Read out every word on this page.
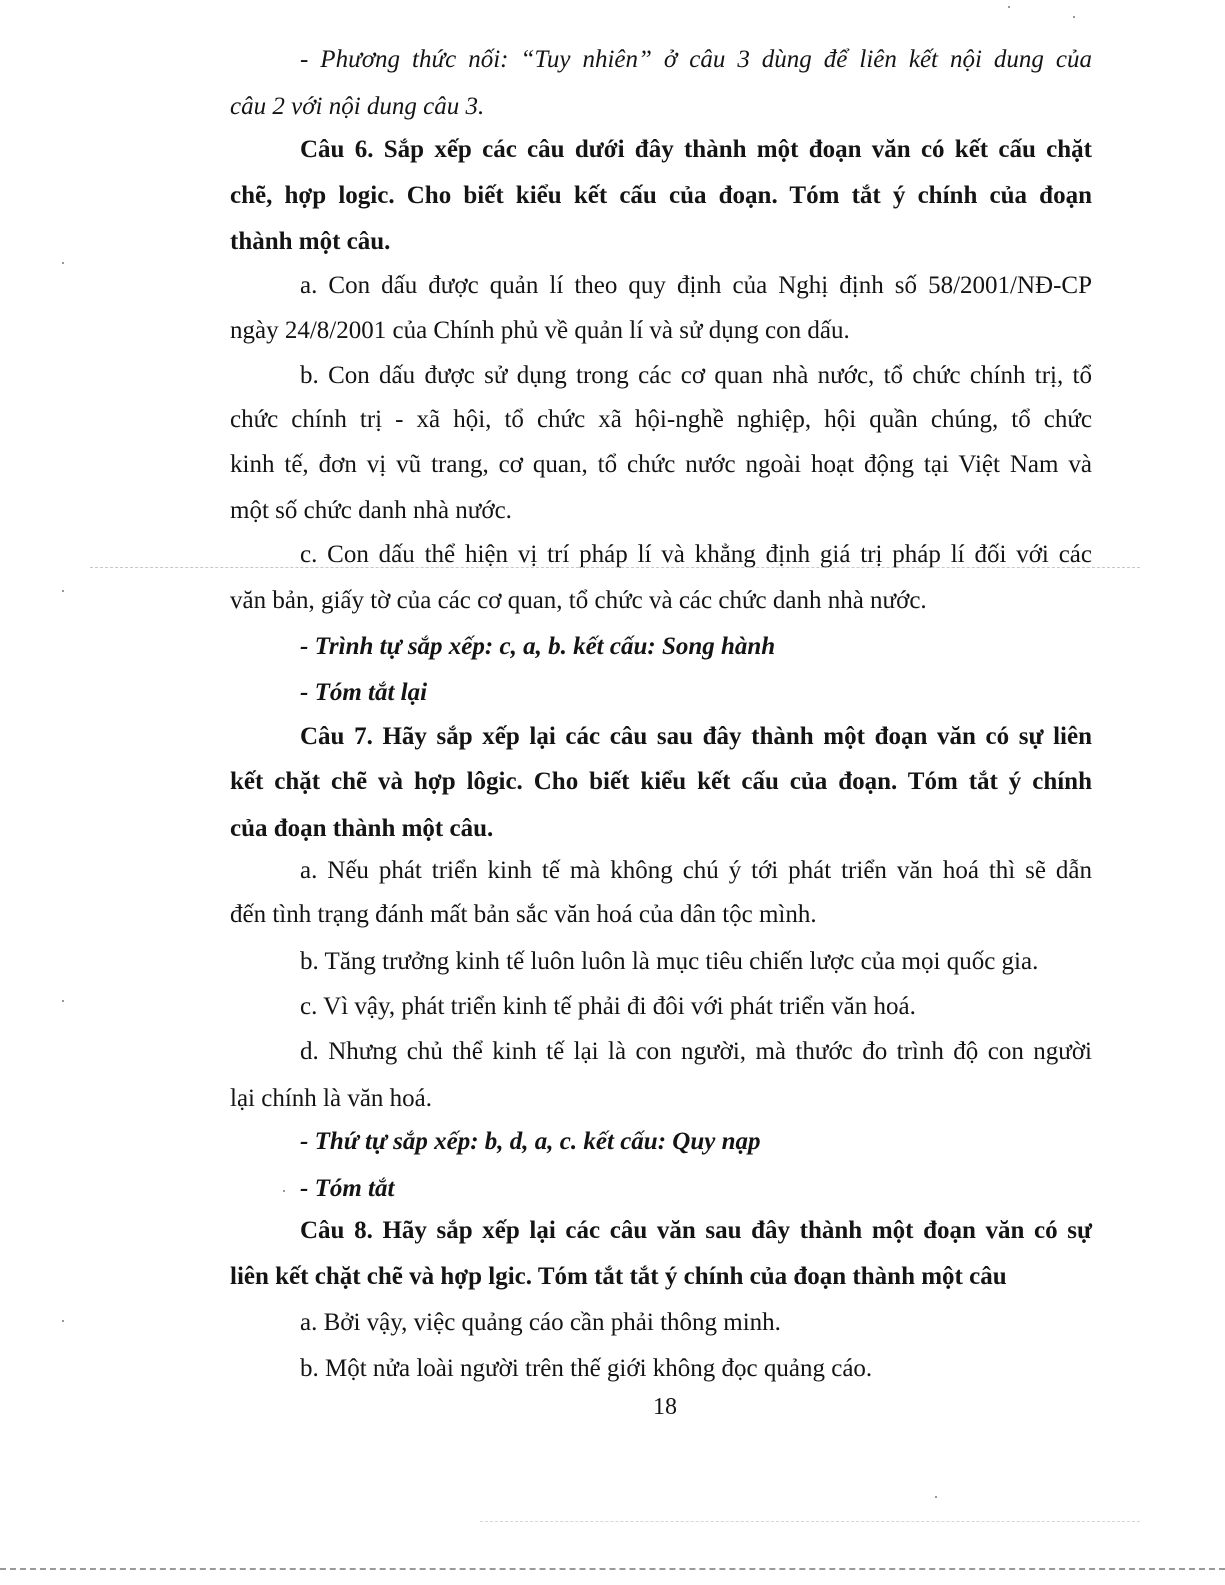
- Phương thức nối: “Tuy nhiên” ở câu 3 dùng để liên kết nội dung của
câu 2 với nội dung câu 3.
Câu 6. Sắp xếp các câu dưới đây thành một đoạn văn có kết cấu chặt
chẽ, hợp logic. Cho biết kiểu kết cấu của đoạn. Tóm tắt ý chính của đoạn
thành một câu.
a. Con dấu được quản lí theo quy định của Nghị định số 58/2001/NĐ-CP
ngày 24/8/2001 của Chính phủ về quản lí và sử dụng con dấu.
b. Con dấu được sử dụng trong các cơ quan nhà nước, tổ chức chính trị, tổ
chức chính trị - xã hội, tổ chức xã hội-nghề nghiệp, hội quần chúng, tổ chức
kinh tế, đơn vị vũ trang, cơ quan, tổ chức nước ngoài hoạt động tại Việt Nam và
một số chức danh nhà nước.
c. Con dấu thể hiện vị trí pháp lí và khẳng định giá trị pháp lí đối với các
văn bản, giấy tờ của các cơ quan, tổ chức và các chức danh nhà nước.
- Trình tự sắp xếp: c, a, b. kết cấu: Song hành
- Tóm tắt lại
Câu 7. Hãy sắp xếp lại các câu sau đây thành một đoạn văn có sự liên
kết chặt chẽ và hợp lôgic. Cho biết kiểu kết cấu của đoạn. Tóm tắt ý chính
của đoạn thành một câu.
a. Nếu phát triển kinh tế mà không chú ý tới phát triển văn hoá thì sẽ dẫn
đến tình trạng đánh mất bản sắc văn hoá của dân tộc mình.
b. Tăng trưởng kinh tế luôn luôn là mục tiêu chiến lược của mọi quốc gia.
c. Vì vậy, phát triển kinh tế phải đi đôi với phát triển văn hoá.
d. Nhưng chủ thể kinh tế lại là con người, mà thước đo trình độ con người
lại chính là văn hoá.
- Thứ tự sắp xếp: b, d, a, c. kết cấu: Quy nạp
- Tóm tắt
Câu 8. Hãy sắp xếp lại các câu văn sau đây thành một đoạn văn có sự
liên kết chặt chẽ và hợp lgic. Tóm tắt tắt ý chính của đoạn thành một câu
a. Bởi vậy, việc quảng cáo cần phải thông minh.
b. Một nửa loài người trên thế giới không đọc quảng cáo.
18
